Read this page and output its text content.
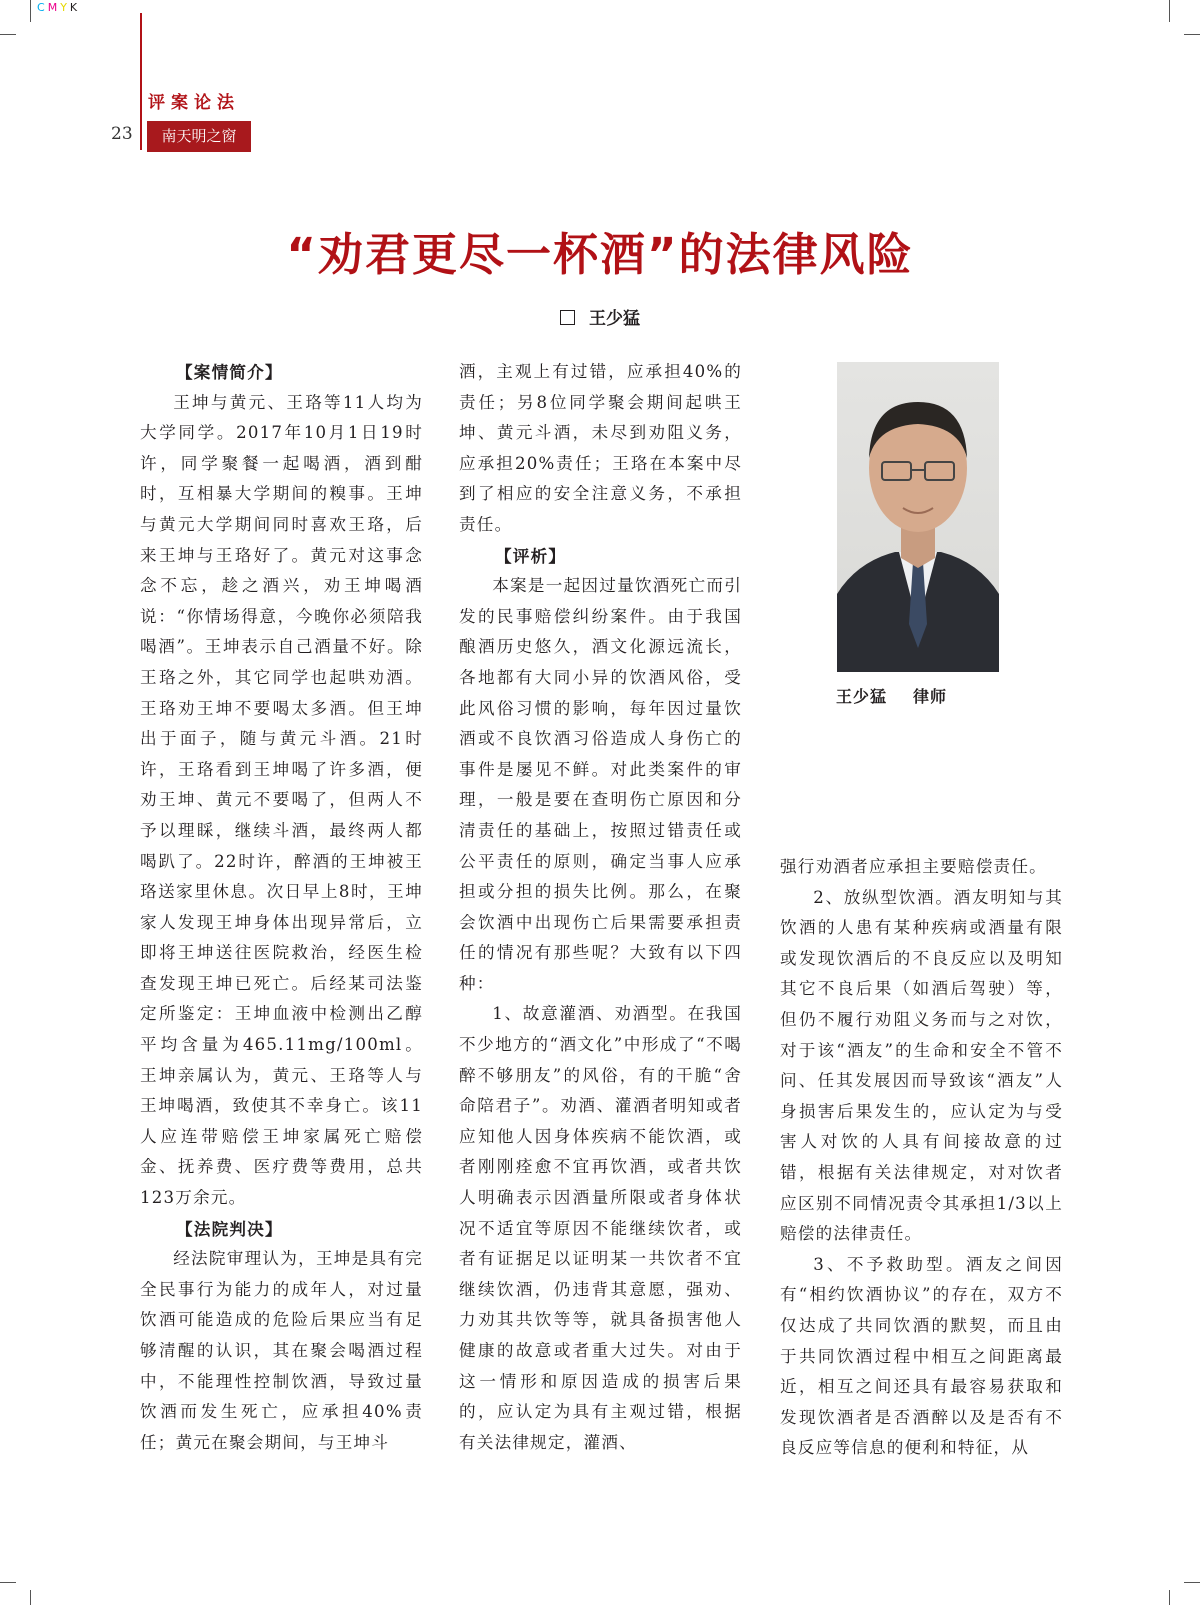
CMYK
评案论法
23	南天明之窗
“劝君更尽一杯酒”的法律风险
王少猛

【案情简介】

王坤与黄元、王珞等11人均为大学同学。2017年10月1日19时许，同学聚餐一起喝酒，酒到酣时，互相暴大学期间的糗事。王坤与黄元大学期间同时喜欢王珞，后来王坤与王珞好了。黄元对这事念念不忘，趁之酒兴，劝王坤喝酒说：“你情场得意，今晚你必须陪我喝酒”。王坤表示自己酒量不好。除王珞之外，其它同学也起哄劝酒。王珞劝王坤不要喝太多酒。但王坤出于面子，随与黄元斗酒。21时许，王珞看到王坤喝了许多酒，便劝王坤、黄元不要喝了，但两人不予以理睬，继续斗酒，最终两人都喝趴了。22时许，醉酒的王坤被王珞送家里休息。次日早上8时，王坤家人发现王坤身体出现异常后，立即将王坤送往医院救治，经医生检查发现王坤已死亡。后经某司法鉴定所鉴定：王坤血液中检测出乙醇平均含量为465.11mg/100ml。王坤亲属认为，黄元、王珞等人与王坤喝酒，致使其不幸身亡。该11人应连带赔偿王坤家属死亡赔偿金、抚养费、医疗费等费用，总共123万余元。

【法院判决】

经法院审理认为，王坤是具有完全民事行为能力的成年人，对过量饮酒可能造成的危险后果应当有足够清醒的认识，其在聚会喝酒过程中，不能理性控制饮酒，导致过量饮酒而发生死亡，应承担40%责任；黄元在聚会期间，与王坤斗

酒，主观上有过错，应承担40%的责任；另8位同学聚会期间起哄王坤、黄元斗酒，未尽到劝阻义务，应承担20%责任；王珞在本案中尽到了相应的安全注意义务，不承担责任。

【评析】

本案是一起因过量饮酒死亡而引发的民事赔偿纠纷案件。由于我国酿酒历史悠久，酒文化源远流长，各地都有大同小异的饮酒风俗，受此风俗习惯的影响，每年因过量饮酒或不良饮酒习俗造成人身伤亡的事件是屡见不鲜。对此类案件的审理，一般是要在查明伤亡原因和分清责任的基础上，按照过错责任或公平责任的原则，确定当事人应承担或分担的损失比例。那么，在聚会饮酒中出现伤亡后果需要承担责任的情况有那些呢？大致有以下四种：

1、故意灌酒、劝酒型。在我国不少地方的“酒文化”中形成了“不喝醉不够朋友”的风俗，有的干脆“舍命陪君子”。劝酒、灌酒者明知或者应知他人因身体疾病不能饮酒，或者刚刚痊愈不宜再饮酒，或者共饮人明确表示因酒量所限或者身体状况不适宜等原因不能继续饮者，或者有证据足以证明某一共饮者不宜继续饮酒，仍违背其意愿，强劝、力劝其共饮等等，就具备损害他人健康的故意或者重大过失。对由于这一情形和原因造成的损害后果的，应认定为具有主观过错，根据有关法律规定，灌酒、

王少猛 律师

强行劝酒者应承担主要赔偿责任。

2、放纵型饮酒。酒友明知与其饮酒的人患有某种疾病或酒量有限或发现饮酒后的不良反应以及明知其它不良后果（如酒后驾驶）等，但仍不履行劝阻义务而与之对饮，对于该“酒友”的生命和安全不管不问、任其发展因而导致该“酒友”人身损害后果发生的，应认定为与受害人对饮的人具有间接故意的过错，根据有关法律规定，对对饮者应区别不同情况责令其承担1/3以上赔偿的法律责任。

3、不予救助型。酒友之间因有“相约饮酒协议”的存在，双方不仅达成了共同饮酒的默契，而且由于共同饮酒过程中相互之间距离最近，相互之间还具有最容易获取和发现饮酒者是否酒醉以及是否有不良反应等信息的便利和特征，从
